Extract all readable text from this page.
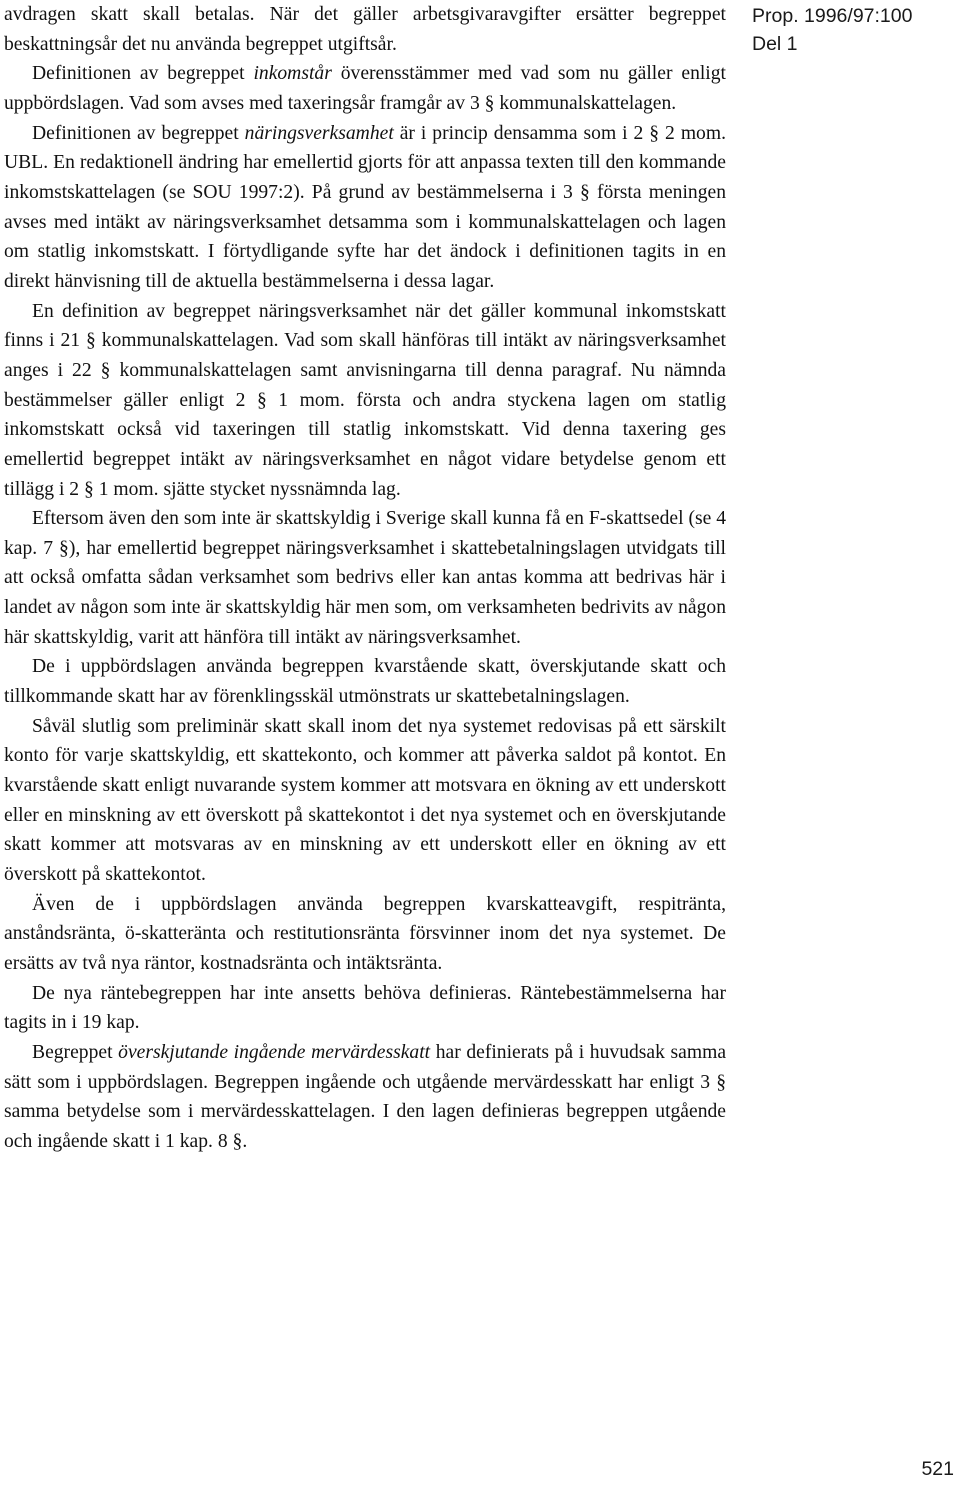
avdragen skatt skall betalas. När det gäller arbetsgivaravgifter ersätter begreppet beskattningsår det nu använda begreppet utgiftsår.

Definitionen av begreppet inkomstår överensstämmer med vad som nu gäller enligt uppbördslagen. Vad som avses med taxeringsår framgår av 3 § kommunalskattelagen.

Definitionen av begreppet näringsverksamhet är i princip densamma som i 2 § 2 mom. UBL. En redaktionell ändring har emellertid gjorts för att anpassa texten till den kommande inkomstskattelagen (se SOU 1997:2). På grund av bestämmelserna i 3 § första meningen avses med intäkt av näringsverksamhet detsamma som i kommunalskattelagen och lagen om statlig inkomstskatt. I förtydligande syfte har det ändock i definitionen tagits in en direkt hänvisning till de aktuella bestämmelserna i dessa lagar.

En definition av begreppet näringsverksamhet när det gäller kommunal inkomstskatt finns i 21 § kommunalskattelagen. Vad som skall hänföras till intäkt av näringsverksamhet anges i 22 § kommunalskattelagen samt anvisningarna till denna paragraf. Nu nämnda bestämmelser gäller enligt 2 § 1 mom. första och andra styckena lagen om statlig inkomstskatt också vid taxeringen till statlig inkomstskatt. Vid denna taxering ges emellertid begreppet intäkt av näringsverksamhet en något vidare betydelse genom ett tillägg i 2 § 1 mom. sjätte stycket nyssnämnda lag.

Eftersom även den som inte är skattskyldig i Sverige skall kunna få en F-skattsedel (se 4 kap. 7 §), har emellertid begreppet näringsverksamhet i skattebetalningslagen utvidgats till att också omfatta sådan verksamhet som bedrivs eller kan antas komma att bedrivas här i landet av någon som inte är skattskyldig här men som, om verksamheten bedrivits av någon här skattskyldig, varit att hänföra till intäkt av näringsverksamhet.

De i uppbördslagen använda begreppen kvarstående skatt, överskjutande skatt och tillkommande skatt har av förenklingsskäl utmönstrats ur skattebetalningslagen.

Såväl slutlig som preliminär skatt skall inom det nya systemet redovisas på ett särskilt konto för varje skattskyldig, ett skattekonto, och kommer att påverka saldot på kontot. En kvarstående skatt enligt nuvarande system kommer att motsvara en ökning av ett underskott eller en minskning av ett överskott på skattekontot i det nya systemet och en överskjutande skatt kommer att motsvaras av en minskning av ett underskott eller en ökning av ett överskott på skattekontot.

Även de i uppbördslagen använda begreppen kvarskatteavgift, respitränta, anståndsränta, ö-skatteränta och restitutionsränta försvinner inom det nya systemet. De ersätts av två nya räntor, kostnadsränta och intäktsränta.

De nya räntebegreppen har inte ansetts behöva definieras. Räntebestämmelserna har tagits in i 19 kap.

Begreppet överskjutande ingående mervärdesskatt har definierats på i huvudsak samma sätt som i uppbördslagen. Begreppen ingående och utgående mervärdesskatt har enligt 3 § samma betydelse som i mervärdesskattelagen. I den lagen definieras begreppen utgående och ingående skatt i 1 kap. 8 §.

Prop. 1996/97:100
Del 1
521
